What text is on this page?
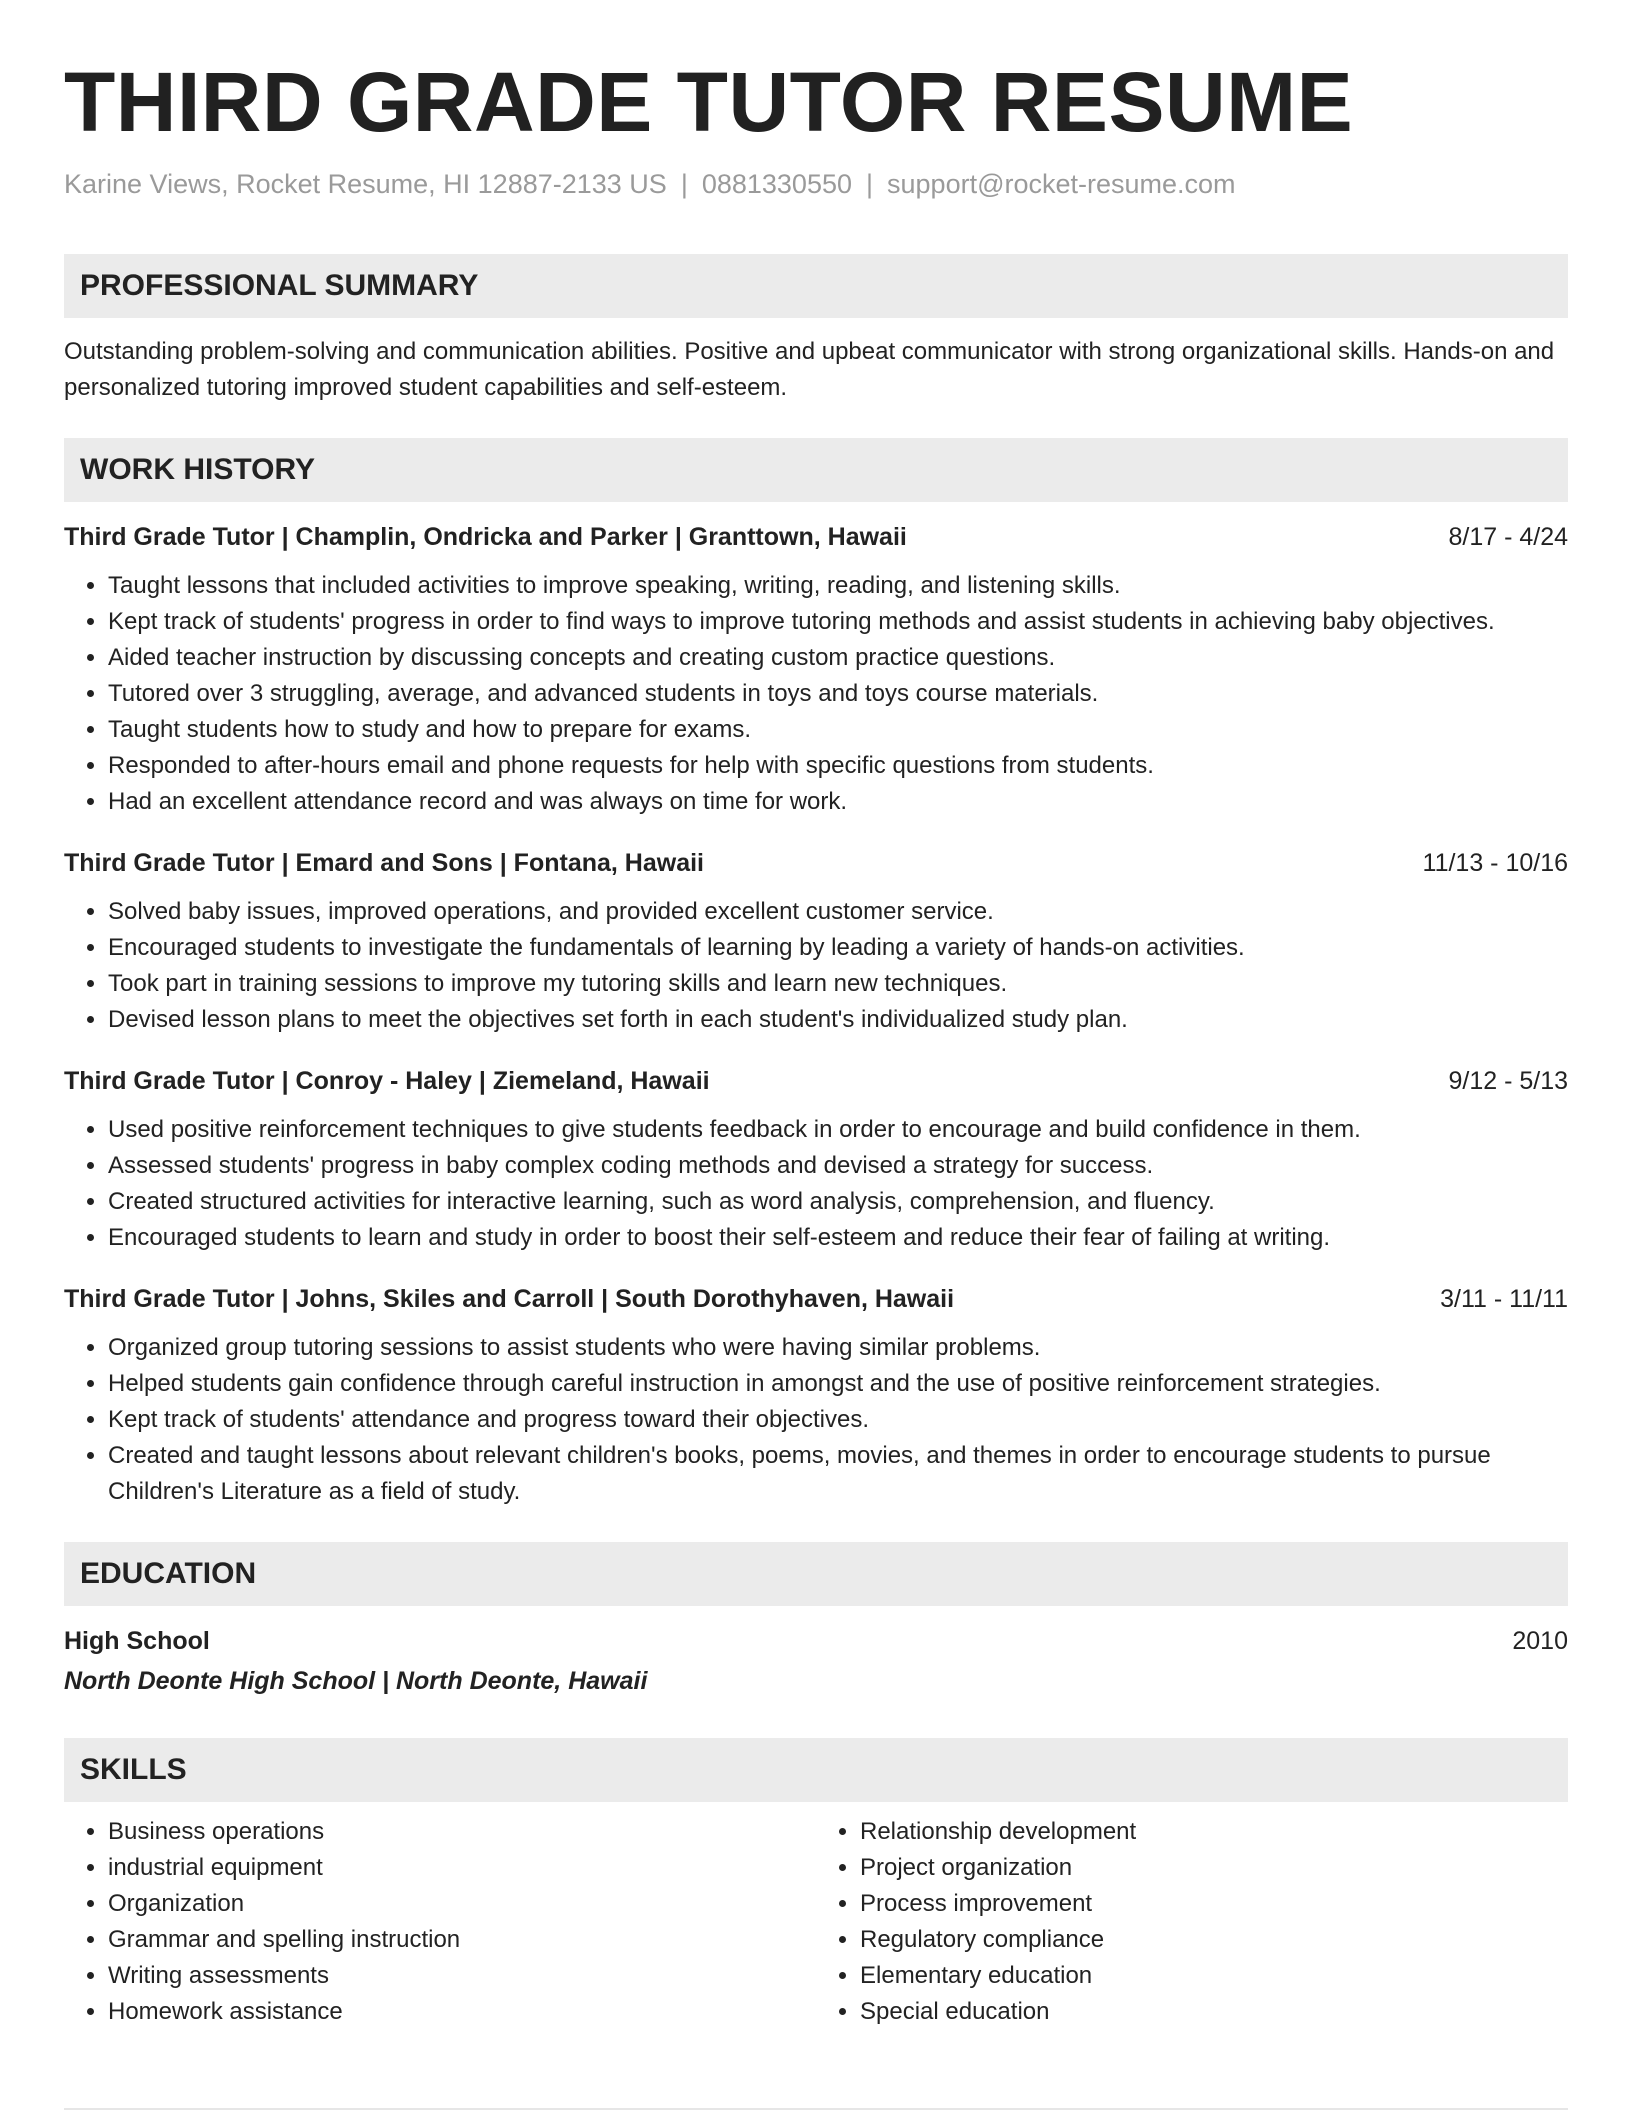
THIRD GRADE TUTOR RESUME
Karine Views, Rocket Resume, HI 12887-2133 US | 0881330550 | support@rocket-resume.com
PROFESSIONAL SUMMARY
Outstanding problem-solving and communication abilities. Positive and upbeat communicator with strong organizational skills. Hands-on and personalized tutoring improved student capabilities and self-esteem.
WORK HISTORY
Third Grade Tutor | Champlin, Ondricka and Parker | Granttown, Hawaii	8/17 - 4/24
• Taught lessons that included activities to improve speaking, writing, reading, and listening skills.
• Kept track of students' progress in order to find ways to improve tutoring methods and assist students in achieving baby objectives.
• Aided teacher instruction by discussing concepts and creating custom practice questions.
• Tutored over 3 struggling, average, and advanced students in toys and toys course materials.
• Taught students how to study and how to prepare for exams.
• Responded to after-hours email and phone requests for help with specific questions from students.
• Had an excellent attendance record and was always on time for work.
Third Grade Tutor | Emard and Sons | Fontana, Hawaii	11/13 - 10/16
• Solved baby issues, improved operations, and provided excellent customer service.
• Encouraged students to investigate the fundamentals of learning by leading a variety of hands-on activities.
• Took part in training sessions to improve my tutoring skills and learn new techniques.
• Devised lesson plans to meet the objectives set forth in each student's individualized study plan.
Third Grade Tutor | Conroy - Haley | Ziemeland, Hawaii	9/12 - 5/13
• Used positive reinforcement techniques to give students feedback in order to encourage and build confidence in them.
• Assessed students' progress in baby complex coding methods and devised a strategy for success.
• Created structured activities for interactive learning, such as word analysis, comprehension, and fluency.
• Encouraged students to learn and study in order to boost their self-esteem and reduce their fear of failing at writing.
Third Grade Tutor | Johns, Skiles and Carroll | South Dorothyhaven, Hawaii	3/11 - 11/11
• Organized group tutoring sessions to assist students who were having similar problems.
• Helped students gain confidence through careful instruction in amongst and the use of positive reinforcement strategies.
• Kept track of students' attendance and progress toward their objectives.
• Created and taught lessons about relevant children's books, poems, movies, and themes in order to encourage students to pursue Children's Literature as a field of study.
EDUCATION
High School	2010
North Deonte High School | North Deonte, Hawaii
SKILLS
• Business operations
• industrial equipment
• Organization
• Grammar and spelling instruction
• Writing assessments
• Homework assistance
• Relationship development
• Project organization
• Process improvement
• Regulatory compliance
• Elementary education
• Special education
